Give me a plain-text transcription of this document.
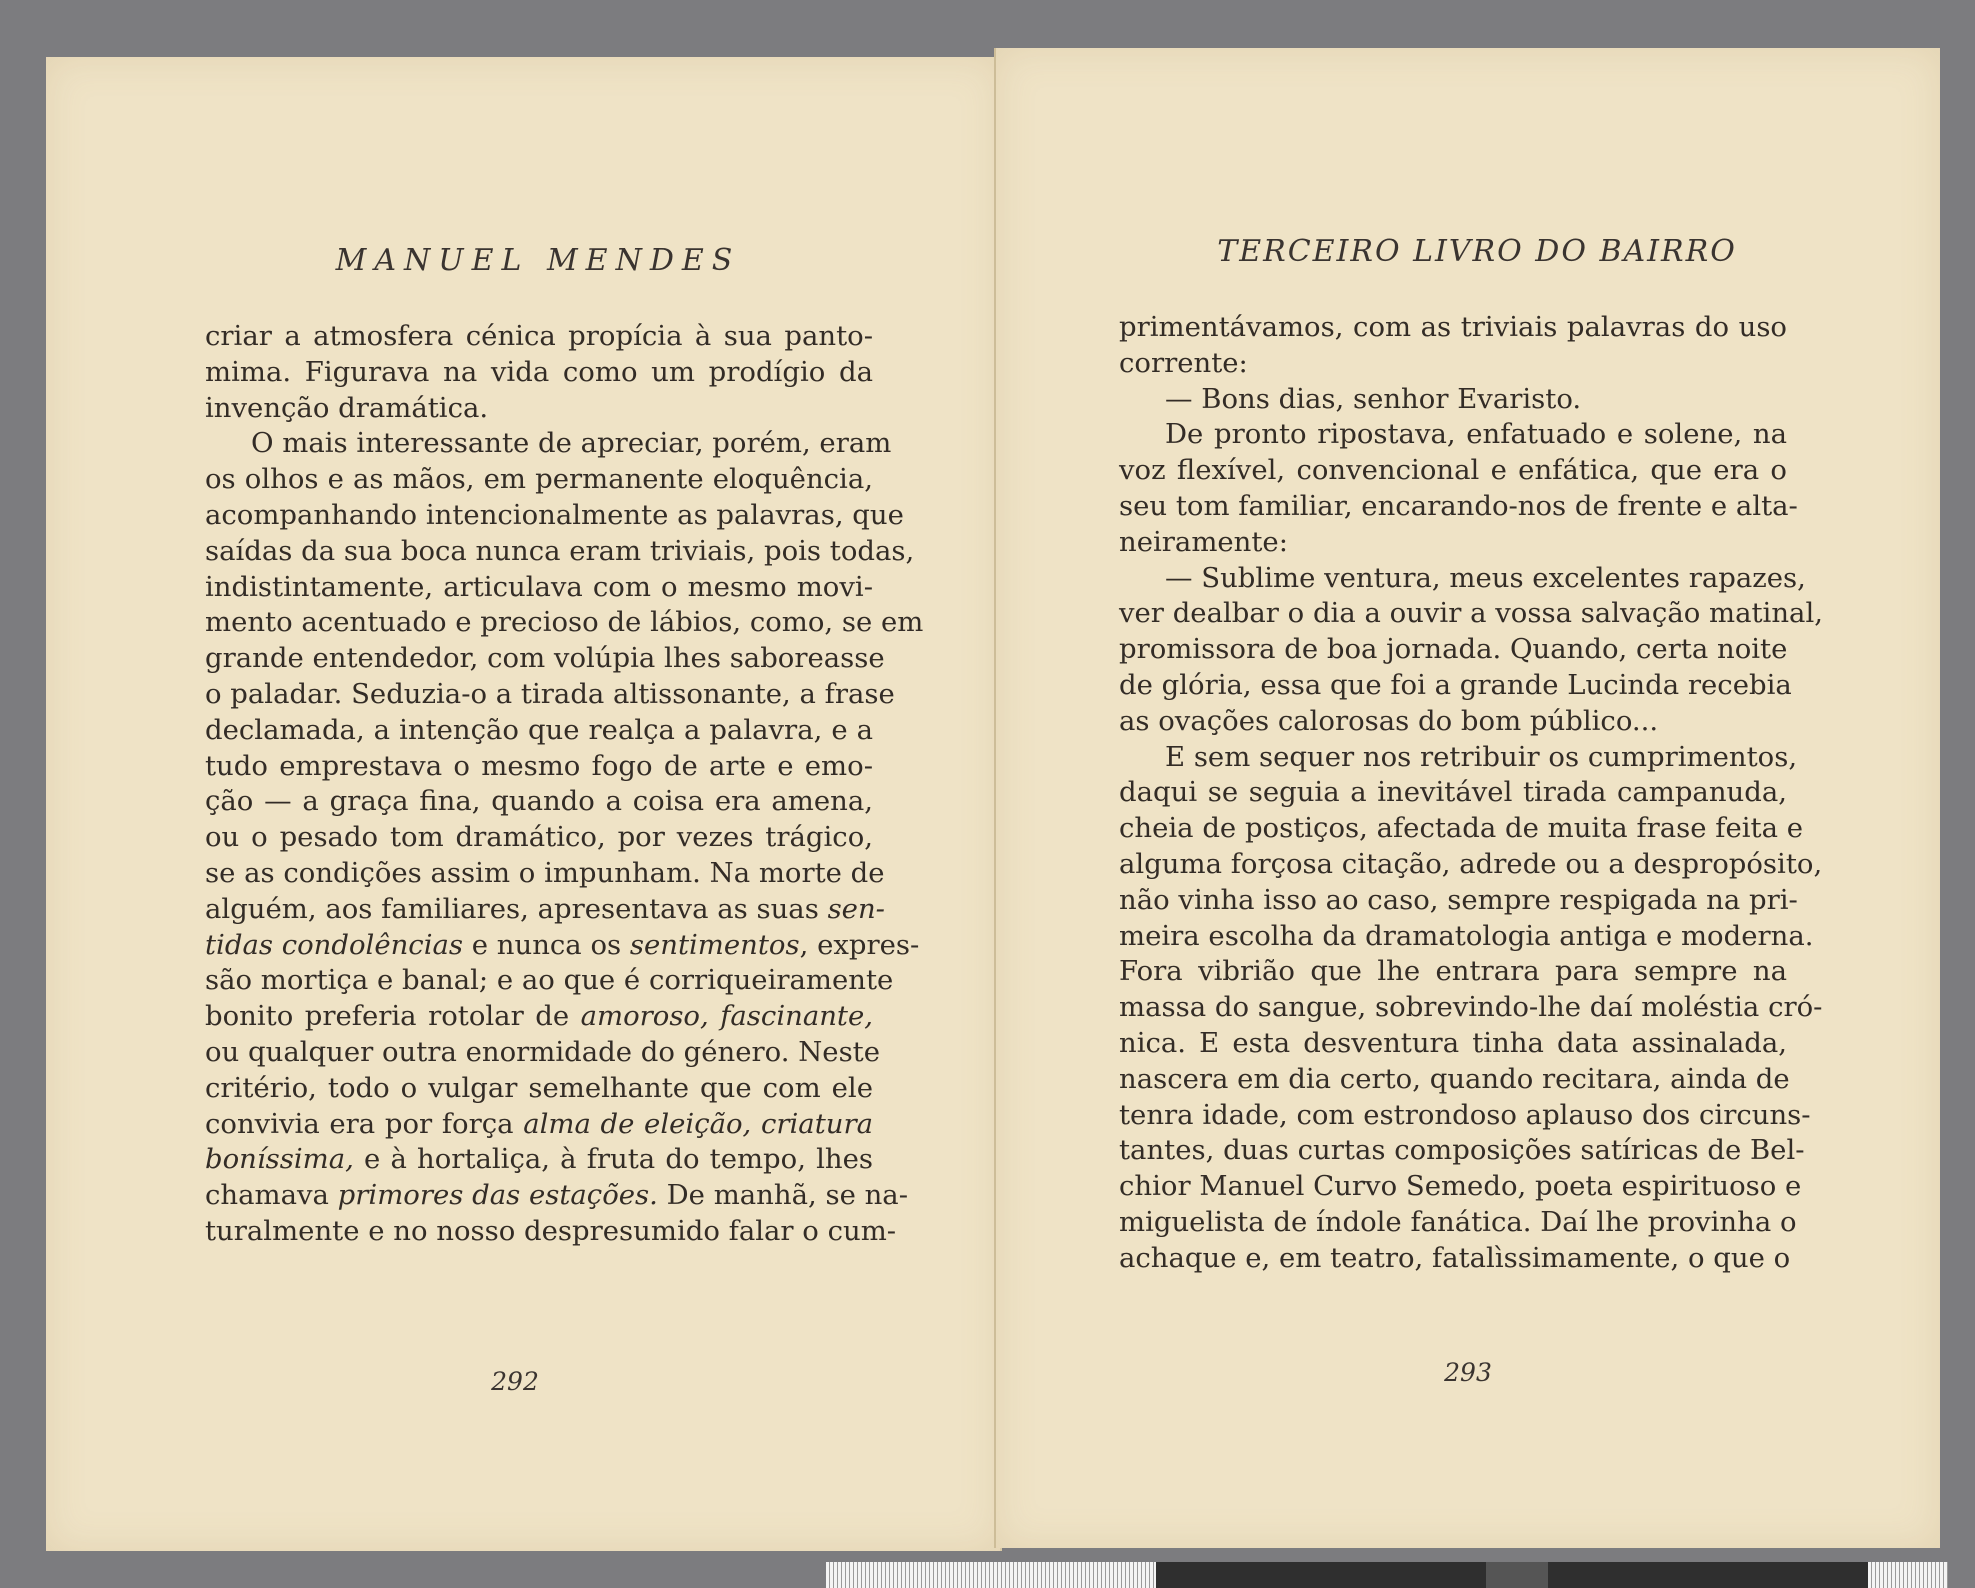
MANUEL MENDES
criar a atmosfera cénica propícia à sua panto-
mima. Figurava na vida como um prodígio da
invenção dramática.
O mais interessante de apreciar, porém, eram
os olhos e as mãos, em permanente eloquência,
acompanhando intencionalmente as palavras, que
saídas da sua boca nunca eram triviais, pois todas,
indistintamente, articulava com o mesmo movi-
mento acentuado e precioso de lábios, como, se em
grande entendedor, com volúpia lhes saboreasse
o paladar. Seduzia-o a tirada altissonante, a frase
declamada, a intenção que realça a palavra, e a
tudo emprestava o mesmo fogo de arte e emo-
ção — a graça fina, quando a coisa era amena,
ou o pesado tom dramático, por vezes trágico,
se as condições assim o impunham. Na morte de
alguém, aos familiares, apresentava as suas sen-
tidas condolências e nunca os sentimentos, expres-
são mortiça e banal; e ao que é corriqueiramente
bonito preferia rotolar de amoroso, fascinante,
ou qualquer outra enormidade do género. Neste
critério, todo o vulgar semelhante que com ele
convivia era por força alma de eleição, criatura
boníssima, e à hortaliça, à fruta do tempo, lhes
chamava primores das estações. De manhã, se na-
turalmente e no nosso despresumido falar o cum-
292
TERCEIRO LIVRO DO BAIRRO
primentávamos, com as triviais palavras do uso
corrente:
— Bons dias, senhor Evaristo.
De pronto ripostava, enfatuado e solene, na
voz flexível, convencional e enfática, que era o
seu tom familiar, encarando-nos de frente e alta-
neiramente:
— Sublime ventura, meus excelentes rapazes,
ver dealbar o dia a ouvir a vossa salvação matinal,
promissora de boa jornada. Quando, certa noite
de glória, essa que foi a grande Lucinda recebia
as ovações calorosas do bom público...
E sem sequer nos retribuir os cumprimentos,
daqui se seguia a inevitável tirada campanuda,
cheia de postiços, afectada de muita frase feita e
alguma forçosa citação, adrede ou a despropósito,
não vinha isso ao caso, sempre respigada na pri-
meira escolha da dramatologia antiga e moderna.
Fora vibrião que lhe entrara para sempre na
massa do sangue, sobrevindo-lhe daí moléstia cró-
nica. E esta desventura tinha data assinalada,
nascera em dia certo, quando recitara, ainda de
tenra idade, com estrondoso aplauso dos circuns-
tantes, duas curtas composições satíricas de Bel-
chior Manuel Curvo Semedo, poeta espirituoso e
miguelista de índole fanática. Daí lhe provinha o
achaque e, em teatro, fatalìssimamente, o que o
293
